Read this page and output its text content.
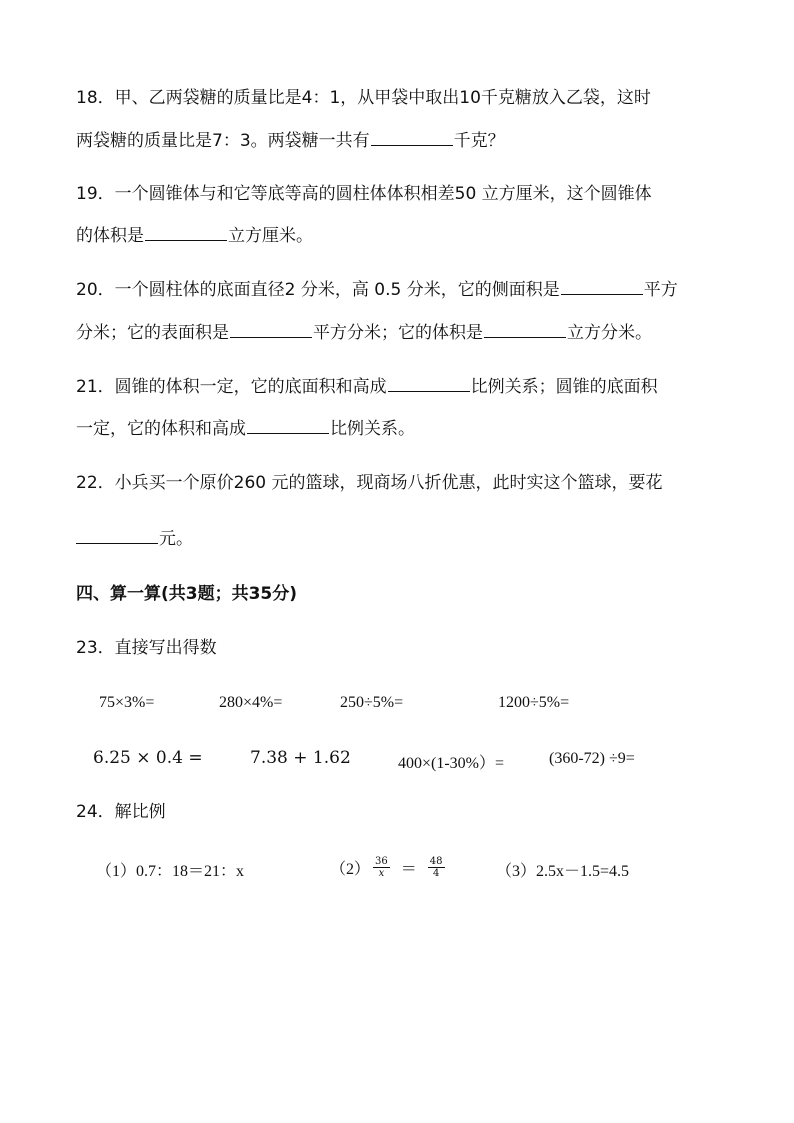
18．甲、乙两袋糖的质量比是4：1，从甲袋中取出10千克糖放入乙袋，这时
两袋糖的质量比是7：3。两袋糖一共有	千克？
19．一个圆锥体与和它等底等高的圆柱体体积相差50 立方厘米，这个圆锥体
的体积是	立方厘米。
20．一个圆柱体的底面直径2 分米，高 0.5 分米，它的侧面积是	平方
分米；它的表面积是	平方分米；它的体积是	立方分米。
21．圆锥的体积一定，它的底面积和高成	比例关系；圆锥的底面积
一定，它的体积和高成	比例关系。
22．小兵买一个原价260 元的篮球，现商场八折优惠，此时实这个篮球，要花
元。
四、算一算(共3题；共35分)
23．直接写出得数
75×3%=	280×4%=	250÷5%=	1200÷5%=
6.25 × 0.4 =	7.38 + 1.62	400×(1-30%）=	(360-72) ÷9=
24．解比例
（1）0.7：18＝21：x	$(2) \frac{36}{x} = \frac{48}{4}$	（3）2.5x－1.5=4.5
